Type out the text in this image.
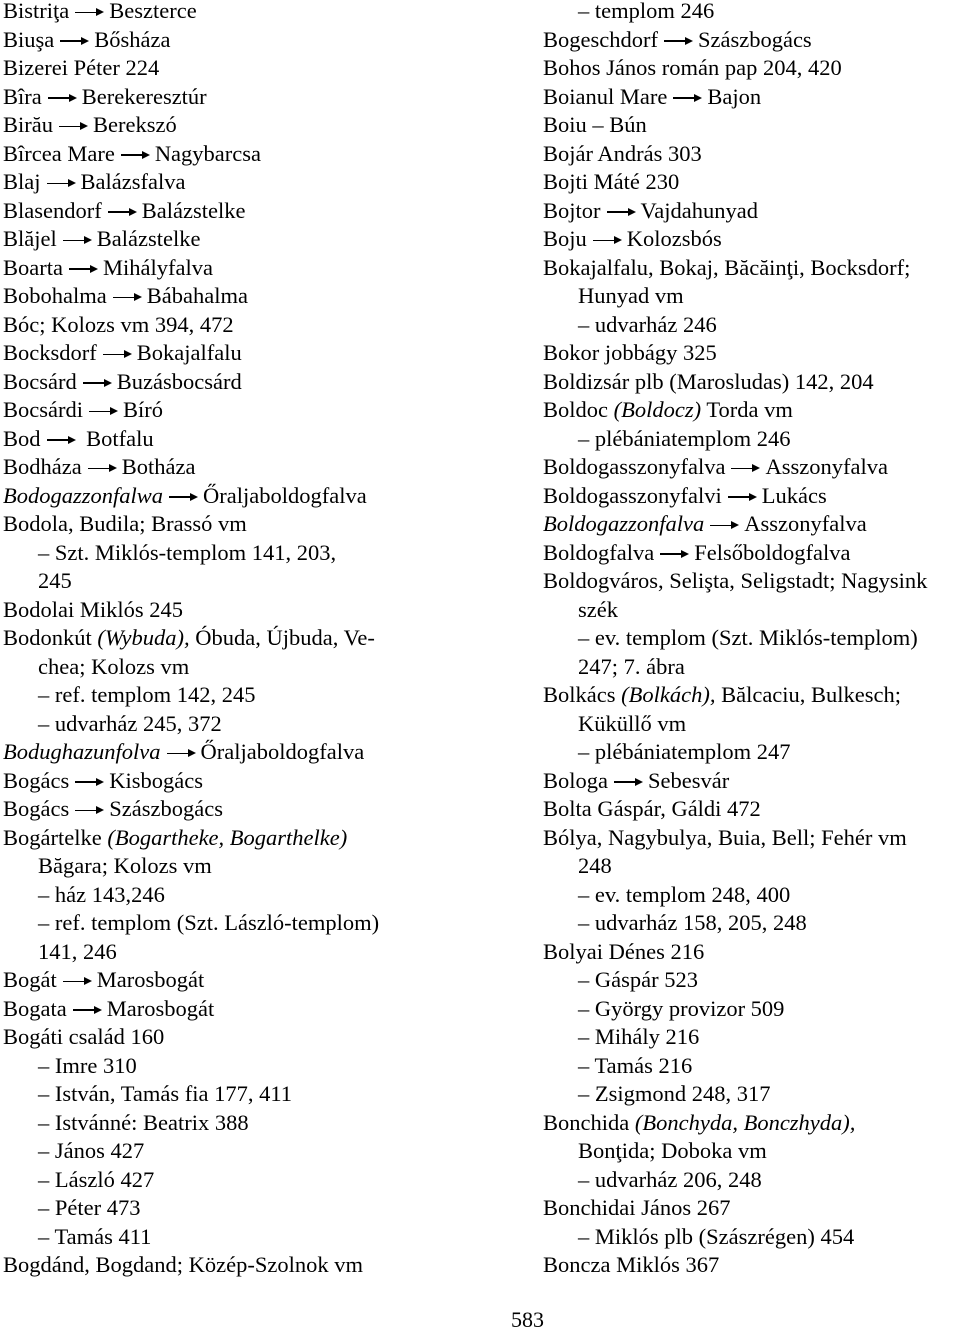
Bistriţa Beszterce
Biuşa Bősháza
Bizerei Péter 224
Bîra Berekeresztúr
Birău Berekszó
Bîrcea Mare Nagybarcsa
Blaj Balázsfalva
Blasendorf Balázstelke
Blăjel Balázstelke
Boarta Mihályfalva
Bobohalma Bábahalma
Bóc; Kolozs vm 394, 472
Bocksdorf Bokajalfalu
Bocsárd Buzásbocsárd
Bocsárdi Bíró
Bod Botfalu
Bodháza Botháza
Bodogazzonfalwa Őraljaboldogfalva
Bodola, Budila; Brassó vm
– Szt. Miklós-templom 141, 203,
245
Bodolai Miklós 245
Bodonkút (Wybuda), Óbuda, Újbuda, Ve-
chea; Kolozs vm
– ref. templom 142, 245
– udvarház 245, 372
Bodughazunfolva Őraljaboldogfalva
Bogács Kisbogács
Bogács Szászbogács
Bogártelke (Bogartheke, Bogarthelke)
Băgara; Kolozs vm
– ház 143,246
– ref. templom (Szt. László-templom)
141, 246
Bogát Marosbogát
Bogata Marosbogát
Bogáti család 160
– Imre 310
– István, Tamás fia 177, 411
– Istvánné: Beatrix 388
– János 427
– László 427
– Péter 473
– Tamás 411
Bogdánd, Bogdand; Közép-Szolnok vm
– templom 246
Bogeschdorf Szászbogács
Bohos János román pap 204, 420
Boianul Mare Bajon
Boiu – Bún
Bojár András 303
Bojti Máté 230
Bojtor Vajdahunyad
Boju Kolozsbós
Bokajalfalu, Bokaj, Băcăinţi, Bocksdorf;
Hunyad vm
– udvarház 246
Bokor jobbágy 325
Boldizsár plb (Marosludas) 142, 204
Boldoc (Boldocz) Torda vm
– plébániatemplom 246
Boldogasszonyfalva Asszonyfalva
Boldogasszonyfalvi Lukács
Boldogazzonfalva Asszonyfalva
Boldogfalva Felsőboldogfalva
Boldogváros, Selişta, Seligstadt; Nagysink
szék
– ev. templom (Szt. Miklós-templom)
247; 7. ábra
Bolkács (Bolkách), Bălcaciu, Bulkesch;
Küküllő vm
– plébániatemplom 247
Bologa Sebesvár
Bolta Gáspár, Gáldi 472
Bólya, Nagybulya, Buia, Bell; Fehér vm
248
– ev. templom 248, 400
– udvarház 158, 205, 248
Bolyai Dénes 216
– Gáspár 523
– György provizor 509
– Mihály 216
– Tamás 216
– Zsigmond 248, 317
Bonchida (Bonchyda, Bonczhyda),
Bonţida; Doboka vm
– udvarház 206, 248
Bonchidai János 267
– Miklós plb (Szászrégen) 454
Boncza Miklós 367
583
